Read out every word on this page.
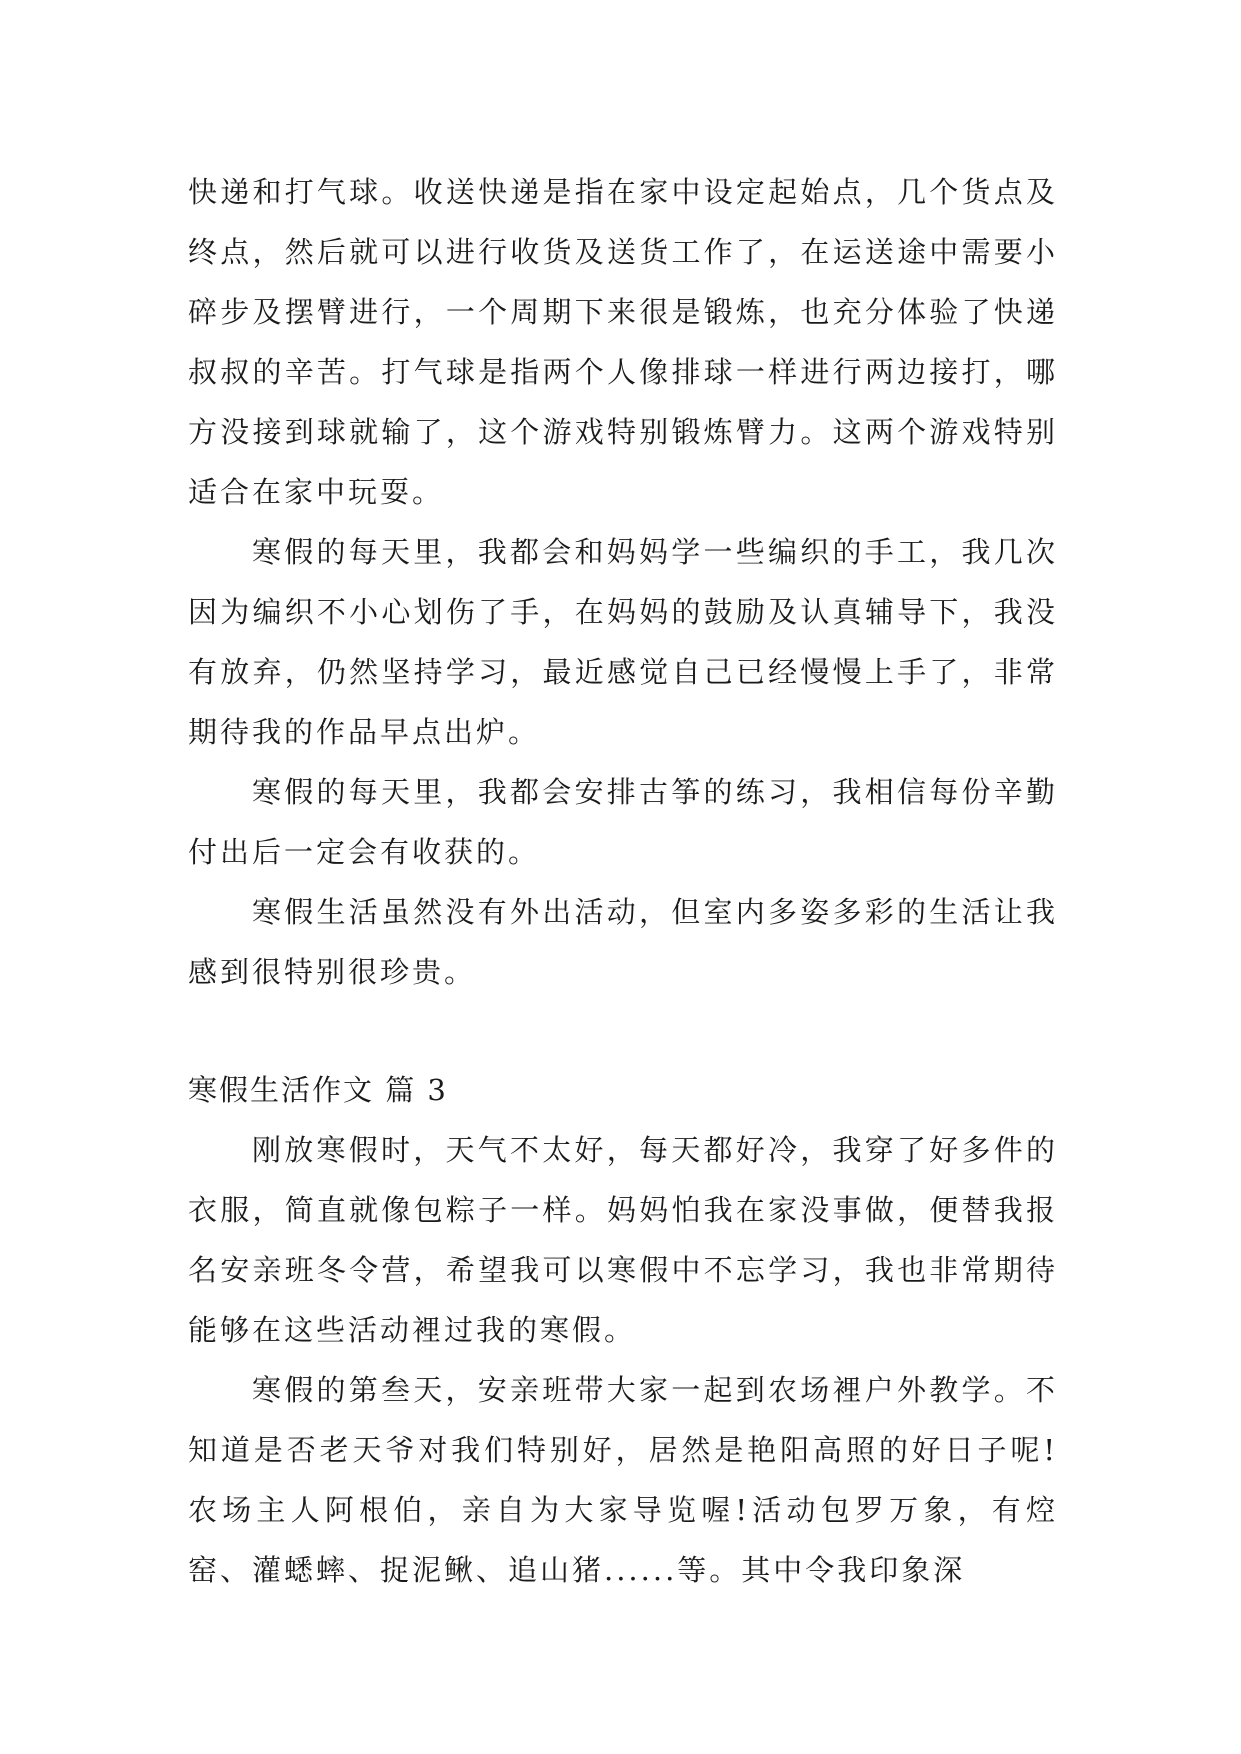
快递和打气球。收送快递是指在家中设定起始点，几个货点及终点，然后就可以进行收货及送货工作了，在运送途中需要小碎步及摆臂进行，一个周期下来很是锻炼，也充分体验了快递叔叔的辛苦。打气球是指两个人像排球一样进行两边接打，哪方没接到球就输了，这个游戏特别锻炼臂力。这两个游戏特别适合在家中玩耍。

寒假的每天里，我都会和妈妈学一些编织的手工，我几次因为编织不小心划伤了手，在妈妈的鼓励及认真辅导下，我没有放弃，仍然坚持学习，最近感觉自己已经慢慢上手了，非常期待我的作品早点出炉。

寒假的每天里，我都会安排古筝的练习，我相信每份辛勤付出后一定会有收获的。

寒假生活虽然没有外出活动，但室内多姿多彩的生活让我感到很特别很珍贵。

寒假生活作文 篇 3

刚放寒假时，天气不太好，每天都好冷，我穿了好多件的衣服，简直就像包粽子一样。妈妈怕我在家没事做，便替我报名安亲班冬令营，希望我可以寒假中不忘学习，我也非常期待能够在这些活动裡过我的寒假。

寒假的第叁天，安亲班带大家一起到农场裡户外教学。不知道是否老天爷对我们特别好，居然是艳阳高照的好日子呢!农场主人阿根伯，亲自为大家导览喔!活动包罗万象，有焢窑、灌蟋蟀、捉泥鳅、追山猪......等。其中令我印象深
